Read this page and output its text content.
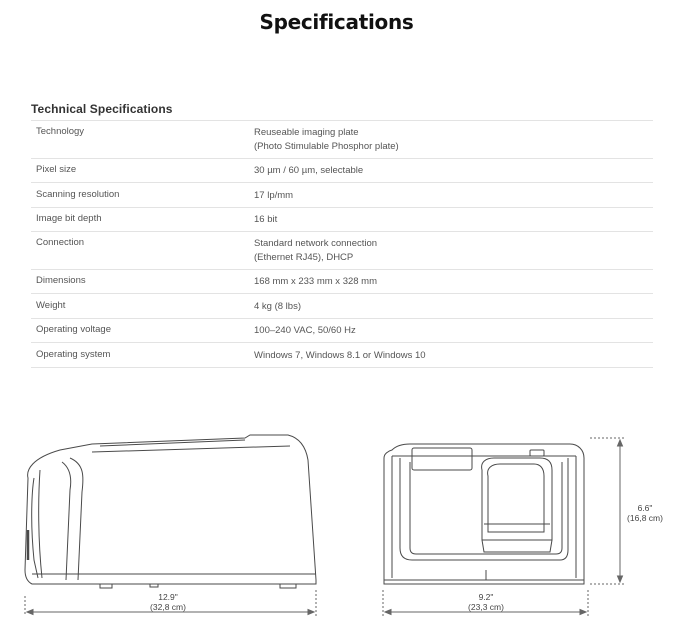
Specifications
Technical Specifications
Technology	Reuseable imaging plate
(Photo Stimulable Phosphor plate)
Pixel size	30 µm / 60 µm, selectable
Scanning resolution	17 lp/mm
Image bit depth	16 bit
Connection	Standard network connection
(Ethernet RJ45), DHCP
Dimensions	168 mm x 233 mm x 328 mm
Weight	4 kg (8 lbs)
Operating voltage	100–240 VAC, 50/60 Hz
Operating system	Windows 7, Windows 8.1 or Windows 10
12.9"
(32,8 cm)
9.2"
(23,3 cm)
6.6"
(16,8 cm)
